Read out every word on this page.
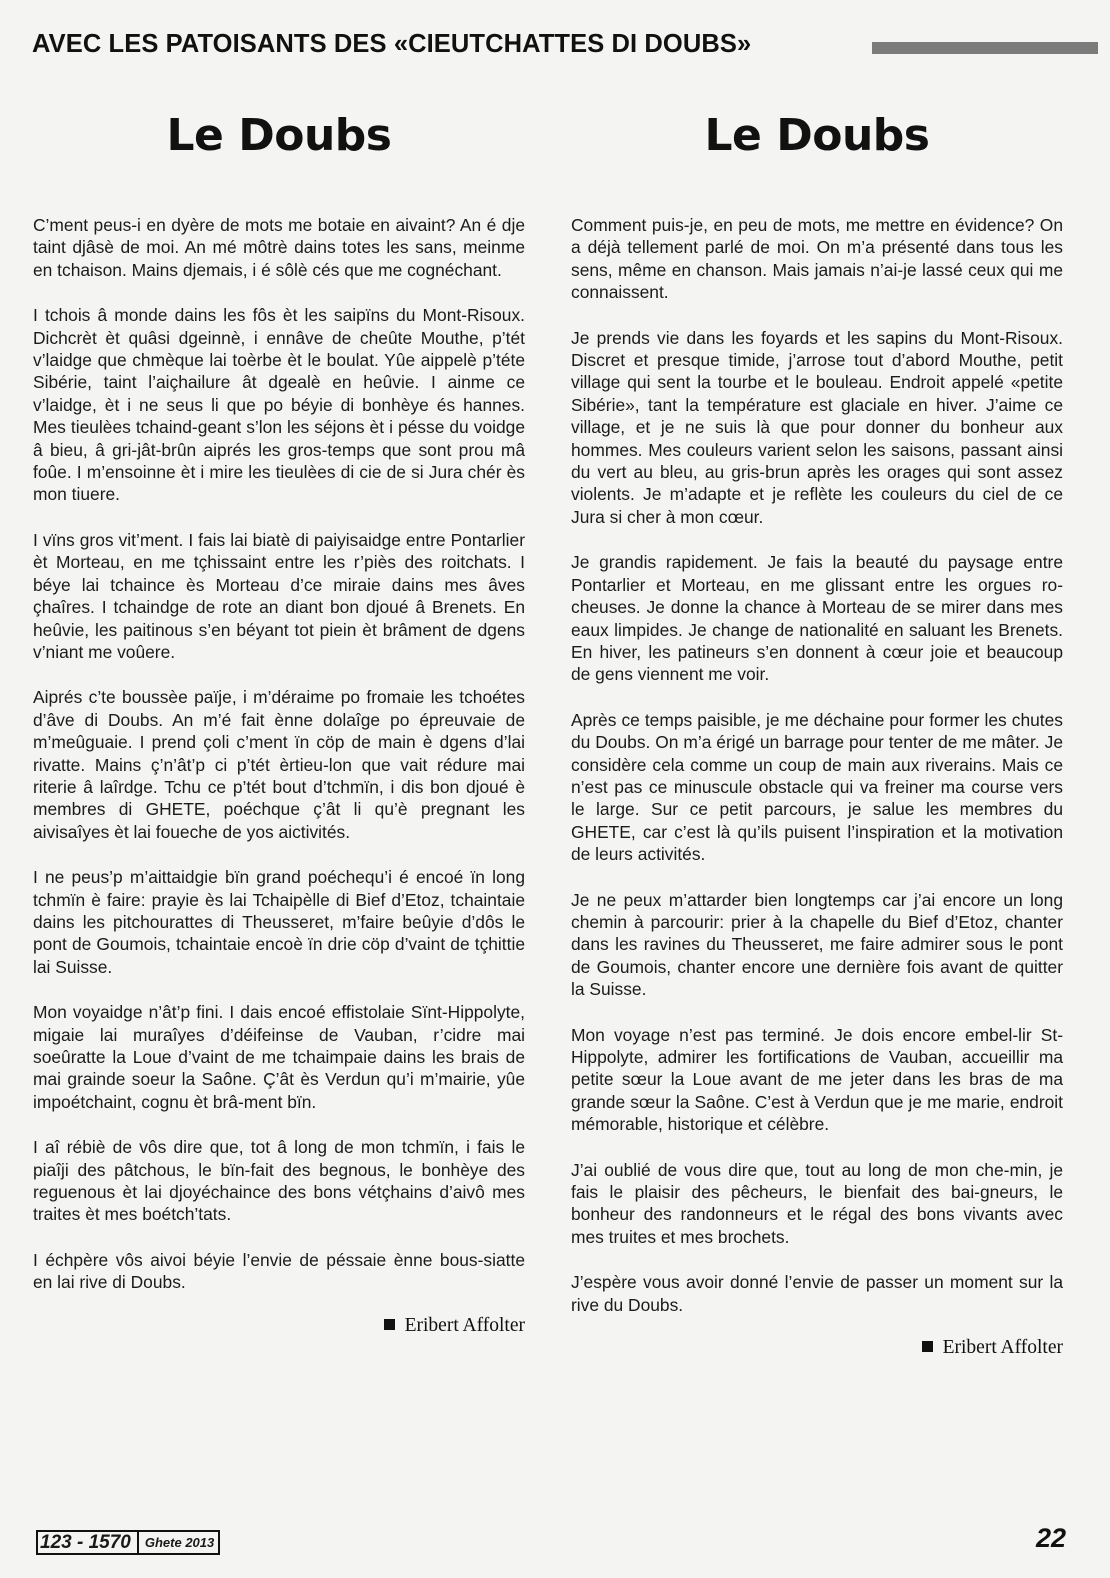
AVEC LES PATOISANTS DES «CIEUTCHATTES DI DOUBS»
Le Doubs

C’ment peus-i en dyère de mots me botaie en aivaint? An é dje taint djâsè de moi. An mé môtrè dains totes les sans, meinme en tchaison. Mains djemais, i é sôlè cés que me cognéchant.

I tchois â monde dains les fôs èt les saipïns du Mont-Risoux. Dichcrèt èt quâsi dgeinnè, i ennâve de cheûte Mouthe, p’tét v’laidge que chmèque lai toèrbe èt le boulat. Yûe aippelè p’téte Sibérie, taint l’aiçhailure ât dgealè en heûvie. I ainme ce v’laidge, èt i ne seus li que po béyie di bonhèye és hannes. Mes tieulèes tchaind-geant s’lon les séjons èt i pésse du voidge â bieu, â gri-jât-brûn aiprés les gros-temps que sont prou mâ foûe. I m’ensoinne èt i mire les tieulèes di cie de si Jura chér ès mon tiuere.

I vïns gros vit’ment. I fais lai biatè di paiyisaidge entre Pontarlier èt Morteau, en me tçhissaint entre les r’piès des roitchats. I béye lai tchaince ès Morteau d’ce miraie dains mes âves çhaîres. I tchaindge de rote an diant bon djoué â Brenets. En heûvie, les paitinous s’en béyant tot piein èt brâment de dgens v’niant me voûere.

Aiprés c’te boussèe païje, i m’déraime po fromaie les tchoétes d’âve di Doubs. An m’é fait ènne dolaîge po épreuvaie de m’meûguaie. I prend çoli c’ment ïn cöp de main è dgens d’lai rivatte. Mains ç’n’ât’p ci p’tét èrtieu-lon que vait rédure mai riterie â laîrdge. Tchu ce p’tét bout d’tchmïn, i dis bon djoué è membres di GHETE, poéchque ç’ât li qu’è pregnant les aivisaîyes èt lai foueche de yos aictivités.

I ne peus’p m’aittaidgie bïn grand poéchequ’i é encoé ïn long tchmïn è faire: prayie ès lai Tchaipèlle di Bief d’Etoz, tchaintaie dains les pitchourattes di Theusseret, m’faire beûyie d’dôs le pont de Goumois, tchaintaie encoè ïn drie cöp d’vaint de tçhittie lai Suisse.

Mon voyaidge n’ât’p fini. I dais encoé effistolaie Sïnt-Hippolyte, migaie lai muraîyes d’déifeinse de Vauban, r’cidre mai soeûratte la Loue d’vaint de me tchaimpaie dains les brais de mai grainde soeur la Saône. Ç’ât ès Verdun qu’i m’mairie, yûe impoétchaint, cognu èt brâ-ment bïn.

I aî rébiè de vôs dire que, tot â long de mon tchmïn, i fais le piaîji des pâtchous, le bïn-fait des begnous, le bonhèye des reguenous èt lai djoyéchaince des bons vétçhains d’aivô mes traites èt mes boétch’tats.

I échpère vôs aivoi béyie l’envie de péssaie ènne bous-siatte en lai rive di Doubs.

Eribert Affolter
Le Doubs

Comment puis-je, en peu de mots, me mettre en évidence? On a déjà tellement parlé de moi. On m’a présenté dans tous les sens, même en chanson. Mais jamais n’ai-je lassé ceux qui me connaissent.

Je prends vie dans les foyards et les sapins du Mont-Risoux. Discret et presque timide, j’arrose tout d’abord Mouthe, petit village qui sent la tourbe et le bouleau. Endroit appelé «petite Sibérie», tant la température est glaciale en hiver. J’aime ce village, et je ne suis là que pour donner du bonheur aux hommes. Mes couleurs varient selon les saisons, passant ainsi du vert au bleu, au gris-brun après les orages qui sont assez violents. Je m’adapte et je reflète les couleurs du ciel de ce Jura si cher à mon cœur.

Je grandis rapidement. Je fais la beauté du paysage entre Pontarlier et Morteau, en me glissant entre les orgues ro-cheuses. Je donne la chance à Morteau de se mirer dans mes eaux limpides. Je change de nationalité en saluant les Brenets. En hiver, les patineurs s’en donnent à cœur joie et beaucoup de gens viennent me voir.

Après ce temps paisible, je me déchaine pour former les chutes du Doubs. On m’a érigé un barrage pour tenter de me mâter. Je considère cela comme un coup de main aux riverains. Mais ce n’est pas ce minuscule obstacle qui va freiner ma course vers le large. Sur ce petit parcours, je salue les membres du GHETE, car c’est là qu’ils puisent l’inspiration et la motivation de leurs activités.

Je ne peux m’attarder bien longtemps car j’ai encore un long chemin à parcourir: prier à la chapelle du Bief d’Etoz, chanter dans les ravines du Theusseret, me faire admirer sous le pont de Goumois, chanter encore une dernière fois avant de quitter la Suisse.

Mon voyage n’est pas terminé. Je dois encore embel-lir St-Hippolyte, admirer les fortifications de Vauban, accueillir ma petite sœur la Loue avant de me jeter dans les bras de ma grande sœur la Saône. C’est à Verdun que je me marie, endroit mémorable, historique et célèbre.

J’ai oublié de vous dire que, tout au long de mon che-min, je fais le plaisir des pêcheurs, le bienfait des bai-gneurs, le bonheur des randonneurs et le régal des bons vivants avec mes truites et mes brochets.

J’espère vous avoir donné l’envie de passer un moment sur la rive du Doubs.

Eribert Affolter
123 - 1570	Ghete 2013	22
